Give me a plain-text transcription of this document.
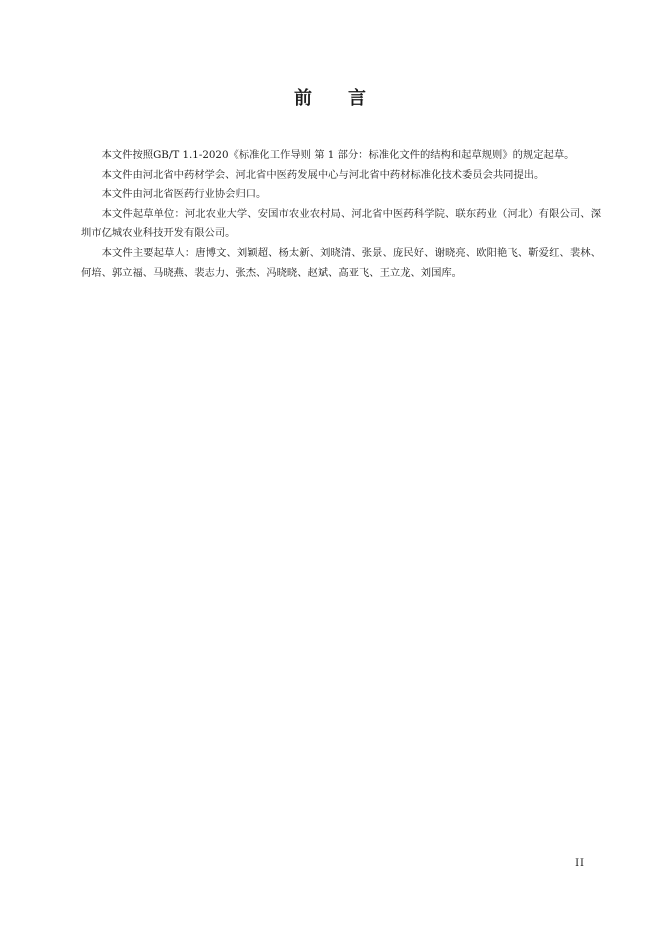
前 言

本文件按照GB/T 1.1-2020《标准化工作导则 第 1 部分：标准化文件的结构和起草规则》的规定起草。

本文件由河北省中药材学会、河北省中医药发展中心与河北省中药材标准化技术委员会共同提出。

本文件由河北省医药行业协会归口。

本文件起草单位：河北农业大学、安国市农业农村局、河北省中医药科学院、联东药业（河北）有限公司、深圳市亿城农业科技开发有限公司。

本文件主要起草人：唐博文、刘颖超、杨太新、刘晓清、张景、庞民好、谢晓亮、欧阳艳飞、靳爱红、裴林、何培、郭立福、马晓燕、裴志力、张杰、冯晓晓、赵斌、高亚飞、王立龙、刘国库。

II
